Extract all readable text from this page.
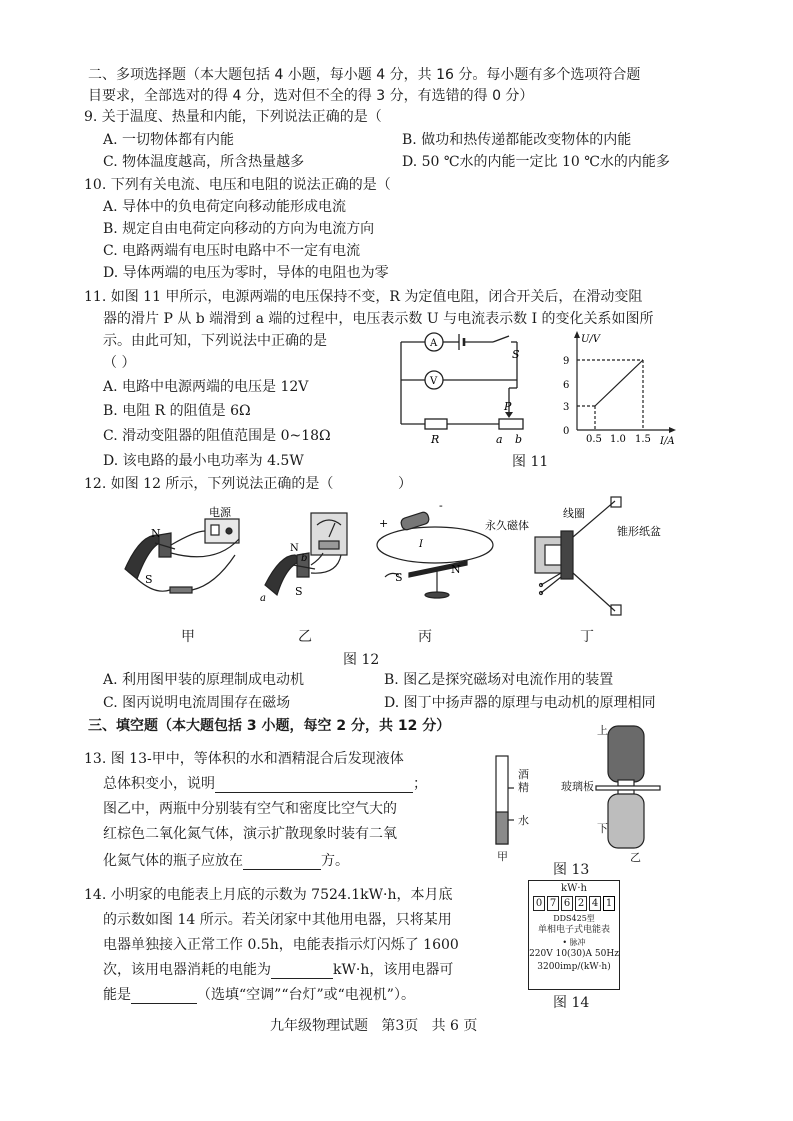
二、多项选择题（本大题包括 4 小题，每小题 4 分，共 16 分。每小题有多个选项符合题
目要求，全部选对的得 4 分，选对但不全的得 3 分，有选错的得 0 分）
9. 关于温度、热量和内能，下列说法正确的是（
A. 一切物体都有内能	B. 做功和热传递都能改变物体的内能
C. 物体温度越高，所含热量越多	D. 50 ℃水的内能一定比 10 ℃水的内能多
10. 下列有关电流、电压和电阻的说法正确的是（
A. 导体中的负电荷定向移动能形成电流
B. 规定自由电荷定向移动的方向为电流方向
C. 电路两端有电压时电路中不一定有电流
D. 导体两端的电压为零时，导体的电阻也为零
11. 如图 11 甲所示，电源两端的电压保持不变，R 为定值电阻，闭合开关后，在滑动变阻
器的滑片 P 从 b 端滑到 a 端的过程中，电压表示数 U 与电流表示数 I 的变化关系如图所
示。由此可知，下列说法中正确的是
（ ）
A. 电路中电源两端的电压是 12V
B. 电阻 R 的阻值是 6Ω
C. 滑动变阻器的阻值范围是 0~18Ω
D. 该电路的最小电功率为 4.5W
A
V
S
P
R	a b
U/V
I/A
9
6
3
0
0.5 1.0 1.5
图 11
12. 如图 12 所示，下列说法正确的是（	）
电源
N
S
N
b
a
S
+
-
I
S
N
永久磁体
线圈
锥形纸盆
甲	乙	丙	丁
图 12
A. 利用图甲装的原理制成电动机	B. 图乙是探究磁场对电流作用的装置
C. 图丙说明电流周围存在磁场	D. 图丁中扬声器的原理与电动机的原理相同
三、填空题（本大题包括 3 小题，每空 2 分，共 12 分）
13. 图 13-甲中，等体积的水和酒精混合后发现液体
总体积变小，说明	；
图乙中，两瓶中分别装有空气和密度比空气大的
红棕色二氧化氮气体，演示扩散现象时装有二氧
化氮气体的瓶子应放在	方。
酒
精
水
甲
上
玻璃板
下
乙
图 13
14. 小明家的电能表上月底的示数为 7524.1kW·h，本月底
的示数如图 14 所示。若关闭家中其他用电器，只将某用
电器单独接入正常工作 0.5h，电能表指示灯闪烁了 1600
次，该用电器消耗的电能为	kW·h，该用电器可
能是	（选填“空调”“台灯”或“电视机”）。
kW·h
0 7 6 2 4 1
DDS425型
单相电子式电能表
• 脉冲
220V 10(30)A 50Hz
3200imp/(kW·h)
图 14
九年级物理试题   第3页   共 6 页
